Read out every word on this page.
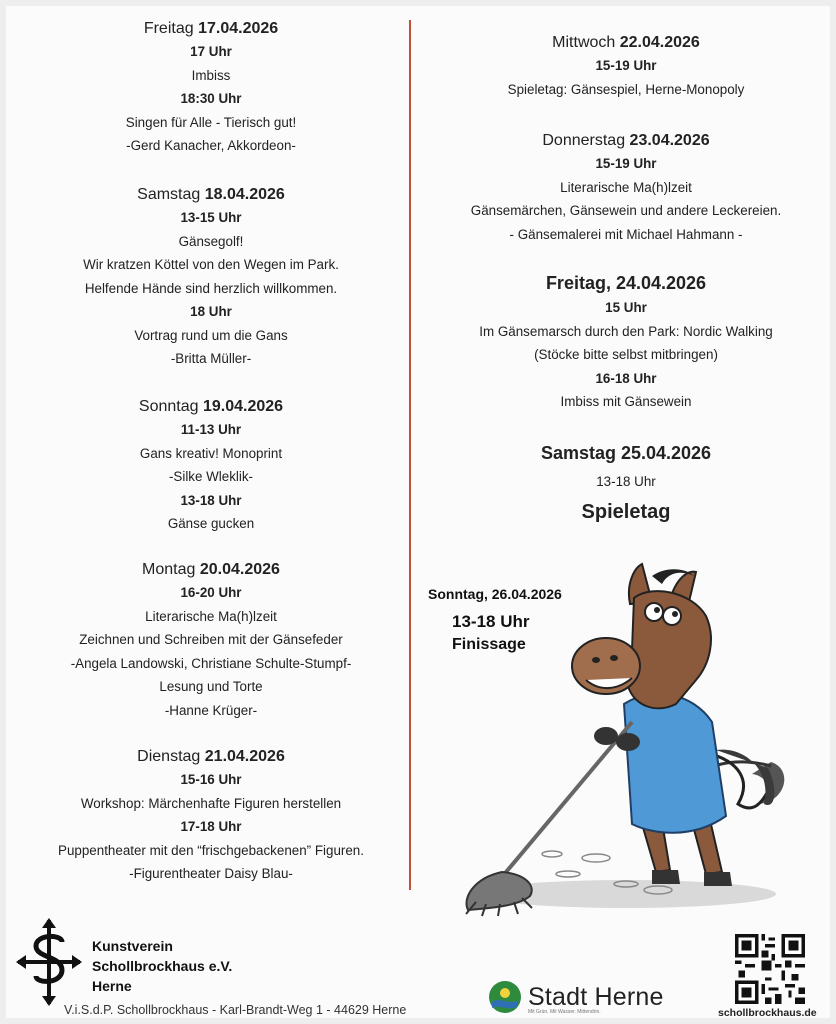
Freitag 17.04.2026
17 Uhr
Imbiss
18:30 Uhr
Singen für Alle - Tierisch gut!
-Gerd Kanacher, Akkordeon-
Samstag 18.04.2026
13-15 Uhr
Gänsegolf!
Wir kratzen Köttel von den Wegen im Park.
Helfende Hände sind herzlich willkommen.
18 Uhr
Vortrag rund um die Gans
-Britta Müller-
Sonntag 19.04.2026
11-13 Uhr
Gans kreativ! Monoprint
-Silke Wleklik-
13-18 Uhr
Gänse gucken
Montag 20.04.2026
16-20 Uhr
Literarische Ma(h)lzeit
Zeichnen und Schreiben mit der Gänsefeder
-Angela Landowski, Christiane Schulte-Stumpf-
Lesung und Torte
-Hanne Krüger-
Dienstag 21.04.2026
15-16 Uhr
Workshop: Märchenhafte Figuren herstellen
17-18 Uhr
Puppentheater mit den “frischgebackenen” Figuren.
-Figurentheater Daisy Blau-
Mittwoch 22.04.2026
15-19 Uhr
Spieletag: Gänsespiel, Herne-Monopoly
Donnerstag 23.04.2026
15-19 Uhr
Literarische Ma(h)lzeit
Gänsemärchen, Gänsewein und andere Leckereien.
- Gänsemalerei mit Michael Hahmann -
Freitag, 24.04.2026
15 Uhr
Im Gänsemarsch durch den Park: Nordic Walking
(Stöcke bitte selbst mitbringen)
16-18 Uhr
Imbiss mit Gänsewein
Samstag 25.04.2026
13-18 Uhr
Spieletag
Sonntag, 26.04.2026
13-18 Uhr
Finissage
Kunstverein
Schollbrockhaus e.V.
Herne
V.i.S.d.P. Schollbrockhaus - Karl-Brandt-Weg 1 - 44629 Herne	Stadt Herne
Mit Grün. Mit Wasser. Mittendrin.	schollbrockhaus.de
